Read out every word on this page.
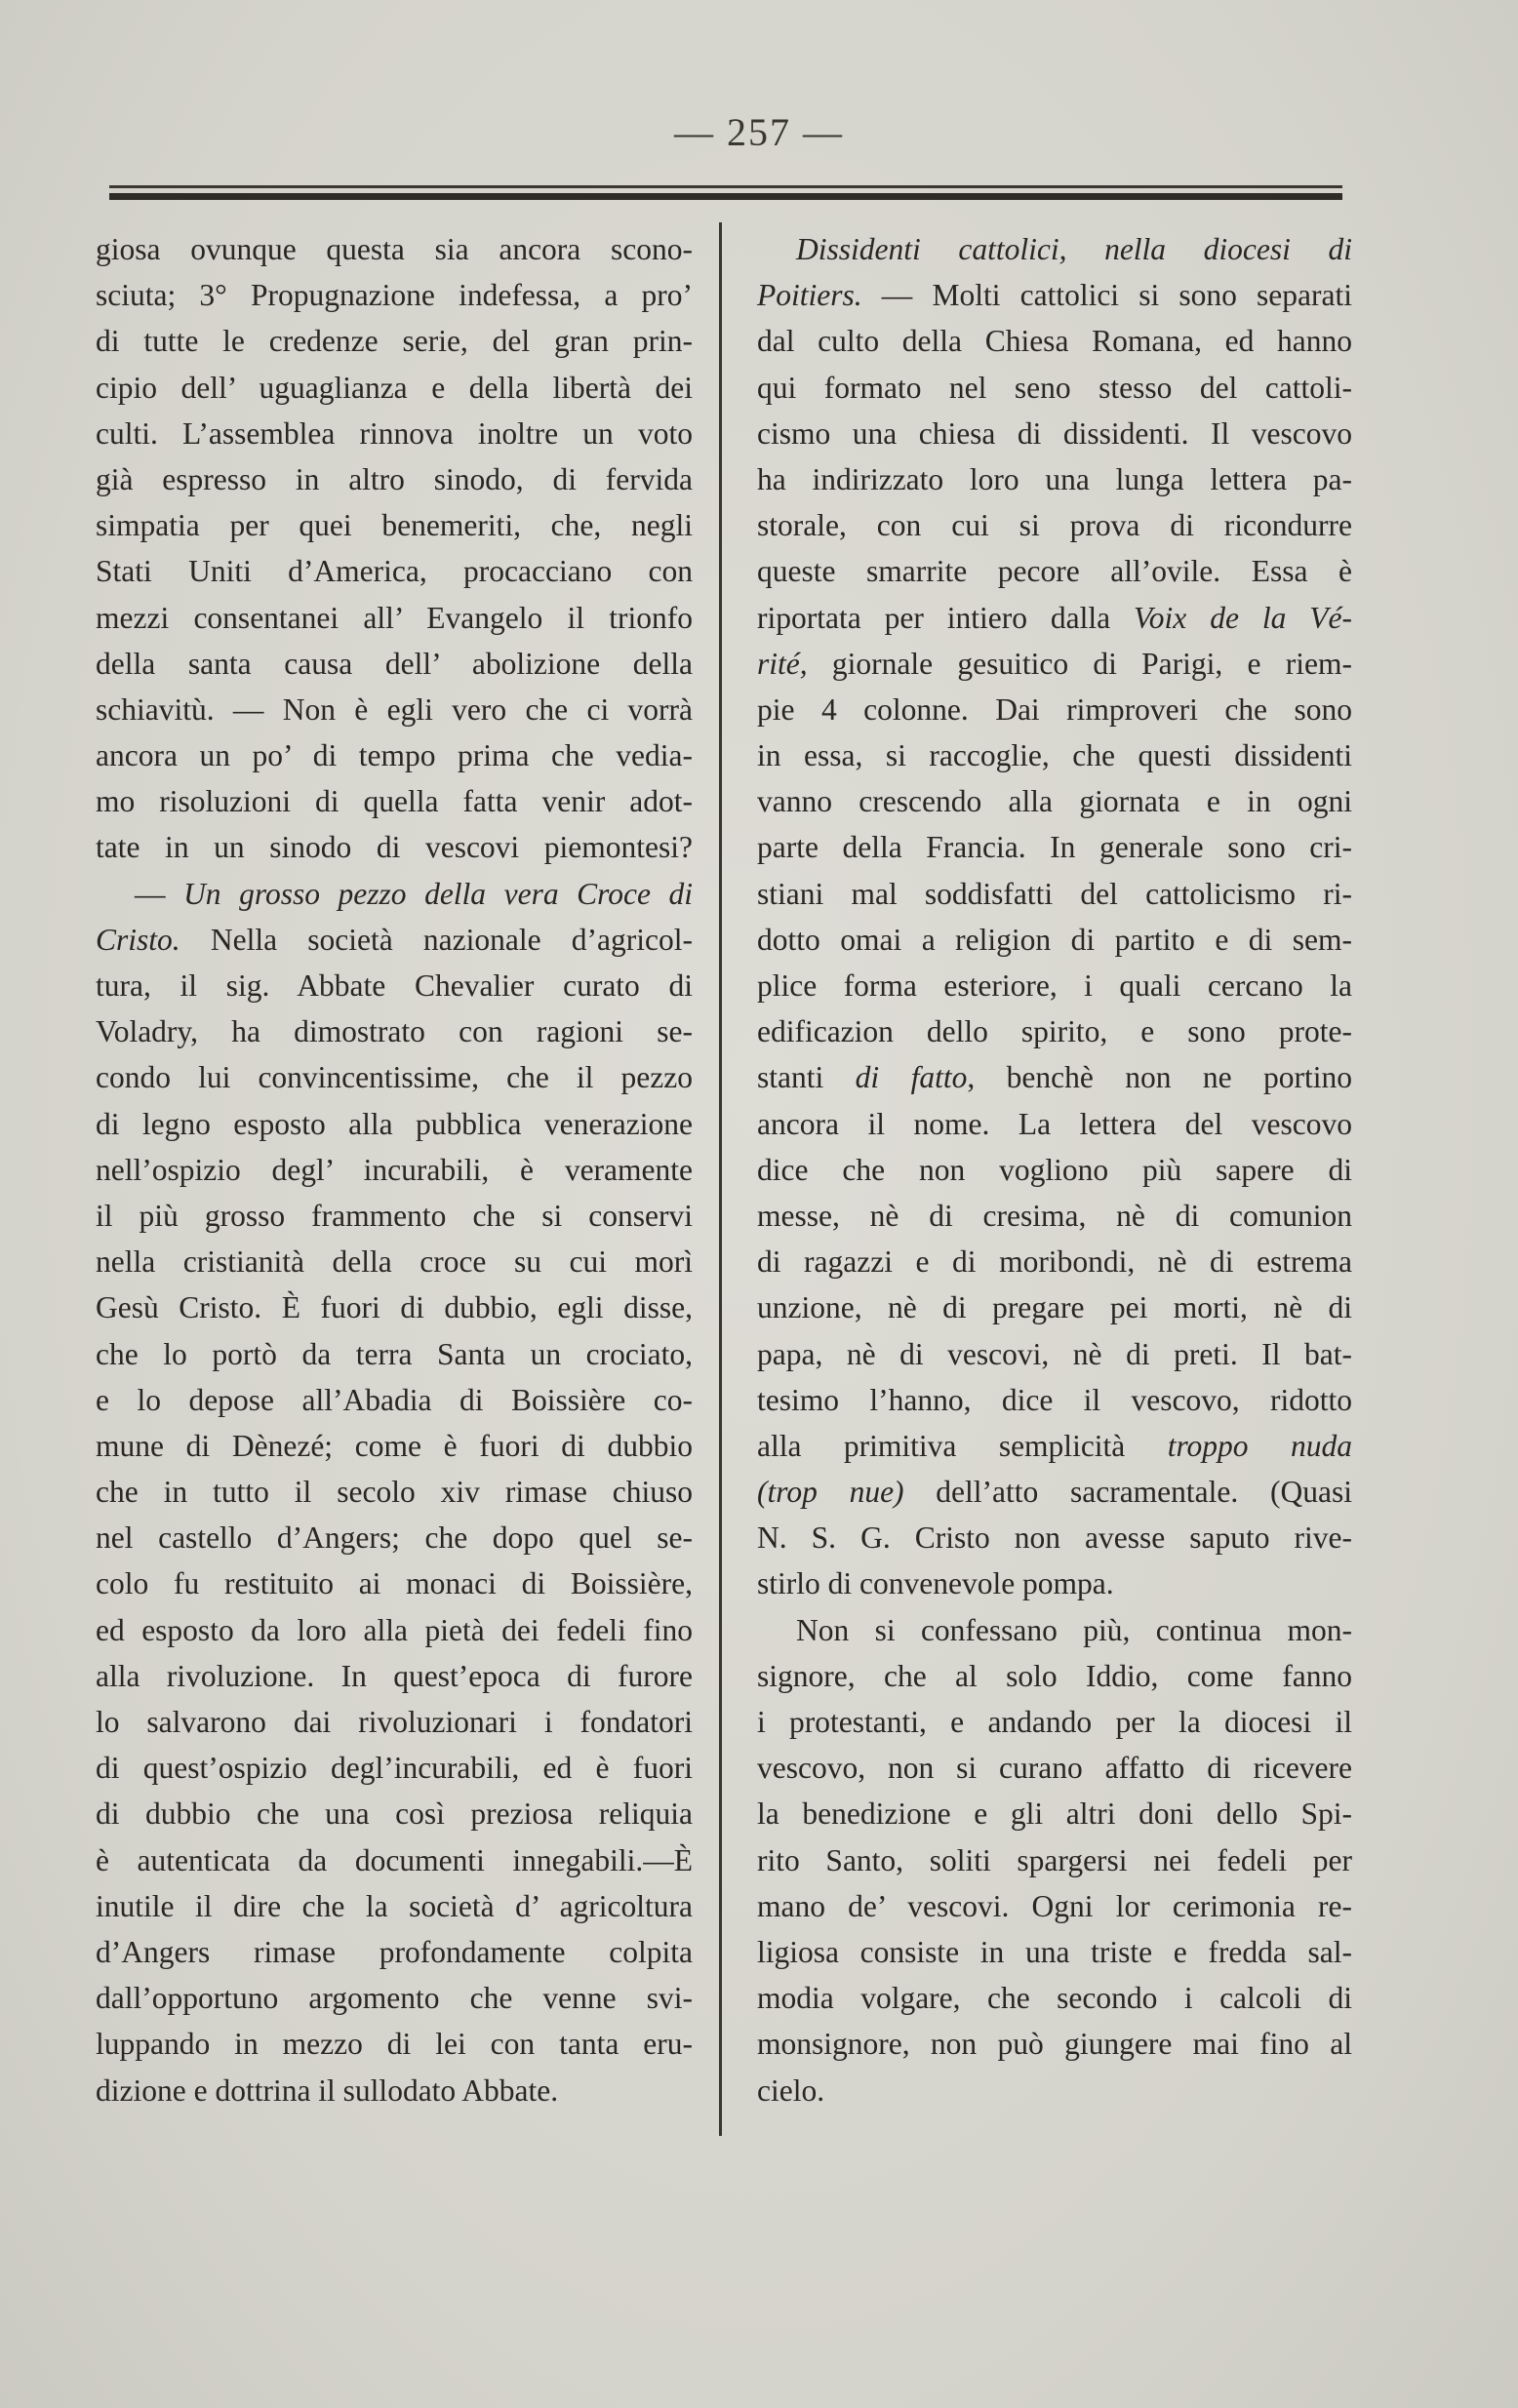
— 257 —
giosa ovunque questa sia ancora scono-
sciuta; 3° Propugnazione indefessa, a pro’
di tutte le credenze serie, del gran prin-
cipio dell’ uguaglianza e della libertà dei
culti. L’assemblea rinnova inoltre un voto
già espresso in altro sinodo, di fervida
simpatia per quei benemeriti, che, negli
Stati Uniti d’America, procacciano con
mezzi consentanei all’ Evangelo il trionfo
della santa causa dell’ abolizione della
schiavitù. — Non è egli vero che ci vorrà
ancora un po’ di tempo prima che vedia-
mo risoluzioni di quella fatta venir adot-
tate in un sinodo di vescovi piemontesi?
— Un grosso pezzo della vera Croce di
Cristo. Nella società nazionale d’agricol-
tura, il sig. Abbate Chevalier curato di
Voladry, ha dimostrato con ragioni se-
condo lui convincentissime, che il pezzo
di legno esposto alla pubblica venerazione
nell’ospizio degl’ incurabili, è veramente
il più grosso frammento che si conservi
nella cristianità della croce su cui morì
Gesù Cristo. È fuori di dubbio, egli disse,
che lo portò da terra Santa un crociato,
e lo depose all’Abadia di Boissière co-
mune di Dènezé; come è fuori di dubbio
che in tutto il secolo xiv rimase chiuso
nel castello d’Angers; che dopo quel se-
colo fu restituito ai monaci di Boissière,
ed esposto da loro alla pietà dei fedeli fino
alla rivoluzione. In quest’epoca di furore
lo salvarono dai rivoluzionari i fondatori
di quest’ospizio degl’incurabili, ed è fuori
di dubbio che una così preziosa reliquia
è autenticata da documenti innegabili.—È
inutile il dire che la società d’ agricoltura
d’Angers rimase profondamente colpita
dall’opportuno argomento che venne svi-
luppando in mezzo di lei con tanta eru-
dizione e dottrina il sullodato Abbate.
Dissidenti cattolici, nella diocesi di
Poitiers. — Molti cattolici si sono separati
dal culto della Chiesa Romana, ed hanno
qui formato nel seno stesso del cattoli-
cismo una chiesa di dissidenti. Il vescovo
ha indirizzato loro una lunga lettera pa-
storale, con cui si prova di ricondurre
queste smarrite pecore all’ovile. Essa è
riportata per intiero dalla Voix de la Vé-
rité, giornale gesuitico di Parigi, e riem-
pie 4 colonne. Dai rimproveri che sono
in essa, si raccoglie, che questi dissidenti
vanno crescendo alla giornata e in ogni
parte della Francia. In generale sono cri-
stiani mal soddisfatti del cattolicismo ri-
dotto omai a religion di partito e di sem-
plice forma esteriore, i quali cercano la
edificazion dello spirito, e sono prote-
stanti di fatto, benchè non ne portino
ancora il nome. La lettera del vescovo
dice che non vogliono più sapere di
messe, nè di cresima, nè di comunion
di ragazzi e di moribondi, nè di estrema
unzione, nè di pregare pei morti, nè di
papa, nè di vescovi, nè di preti. Il bat-
tesimo l’hanno, dice il vescovo, ridotto
alla primitiva semplicità troppo nuda
(trop nue) dell’atto sacramentale. (Quasi
N. S. G. Cristo non avesse saputo rive-
stirlo di convenevole pompa.
Non si confessano più, continua mon-
signore, che al solo Iddio, come fanno
i protestanti, e andando per la diocesi il
vescovo, non si curano affatto di ricevere
la benedizione e gli altri doni dello Spi-
rito Santo, soliti spargersi nei fedeli per
mano de’ vescovi. Ogni lor cerimonia re-
ligiosa consiste in una triste e fredda sal-
modia volgare, che secondo i calcoli di
monsignore, non può giungere mai fino al
cielo.
